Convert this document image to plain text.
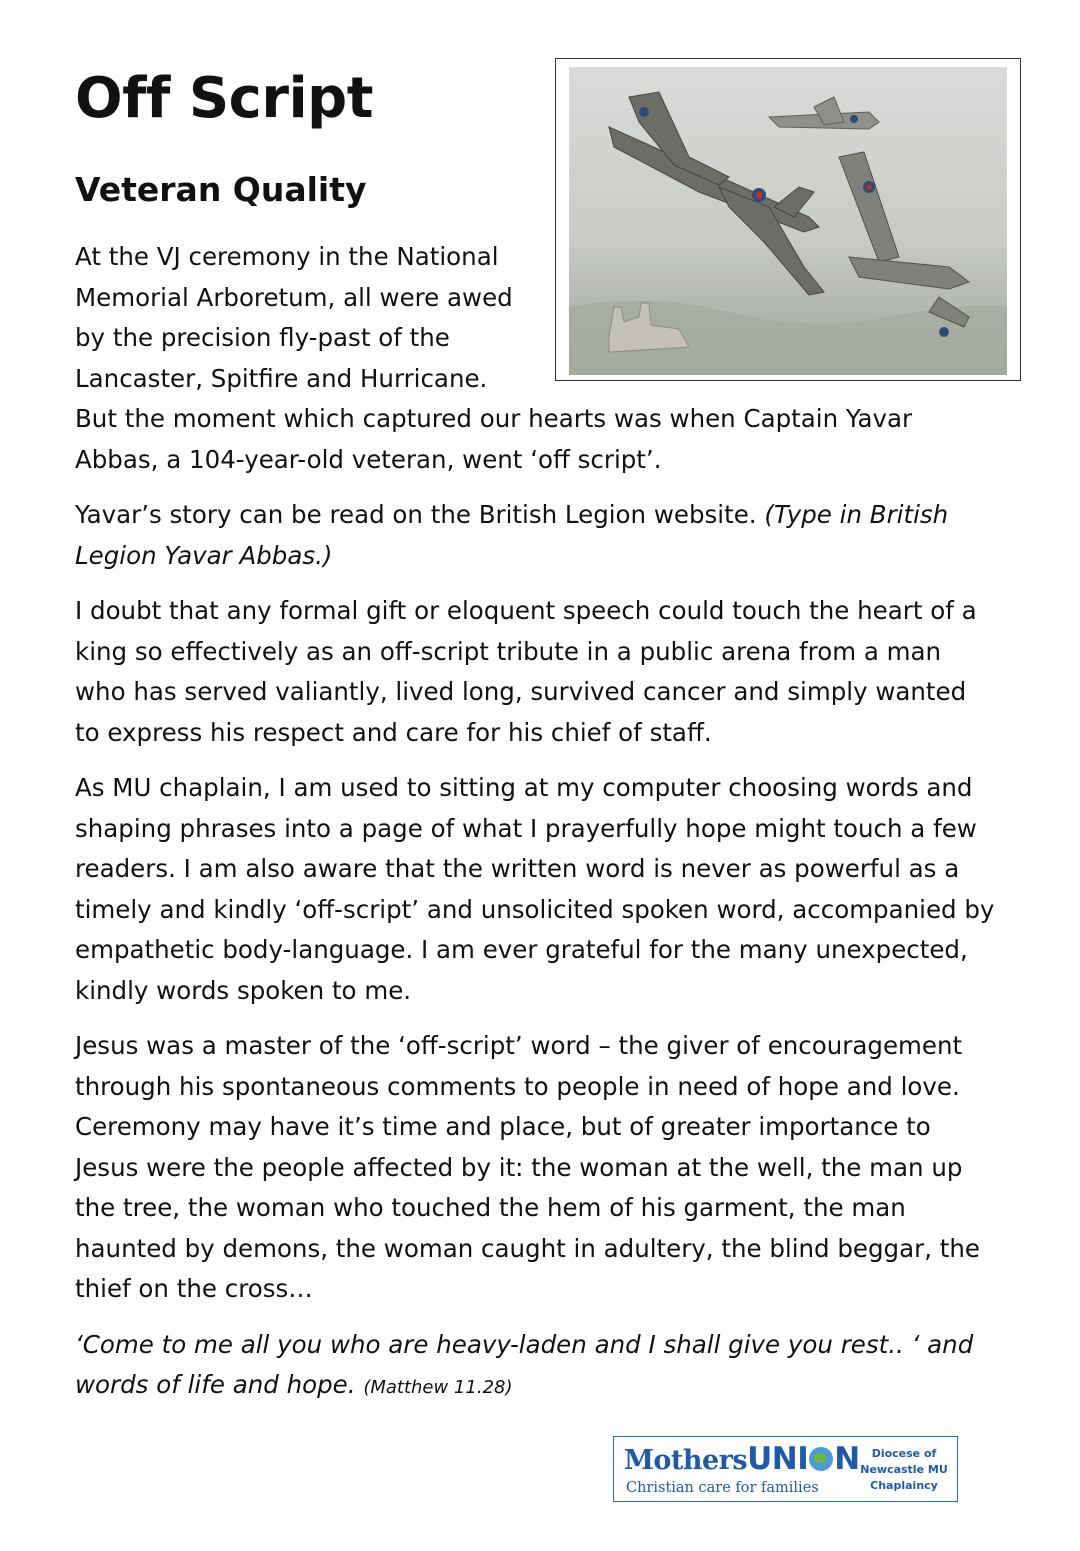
Off Script
Veteran Quality

At the VJ ceremony in the National Memorial Arboretum, all were awed by the precision fly-past of the Lancaster, Spitfire and Hurricane. But the moment which captured our hearts was when Captain Yavar Abbas, a 104-year-old veteran, went ‘off script’.

Yavar’s story can be read on the British Legion website. (Type in British Legion Yavar Abbas.)

I doubt that any formal gift or eloquent speech could touch the heart of a king so effectively as an off-script tribute in a public arena from a man who has served valiantly, lived long, survived cancer and simply wanted to express his respect and care for his chief of staff.

As MU chaplain, I am used to sitting at my computer choosing words and shaping phrases into a page of what I prayerfully hope might touch a few readers. I am also aware that the written word is never as powerful as a timely and kindly ‘off-script’ and unsolicited spoken word, accompanied by empathetic body-language. I am ever grateful for the many unexpected, kindly words spoken to me.

Jesus was a master of the ‘off-script’ word – the giver of encouragement through his spontaneous comments to people in need of hope and love. Ceremony may have it’s time and place, but of greater importance to Jesus were the people affected by it: the woman at the well, the man up the tree, the woman who touched the hem of his garment, the man haunted by demons, the woman caught in adultery, the blind beggar, the thief on the cross…

‘Come to me all you who are heavy-laden and I shall give you rest.. ‘ and words of life and hope. (Matthew 11.28)

MothersUNI N
Christian care for families
Diocese of
Newcastle MU
Chaplaincy
